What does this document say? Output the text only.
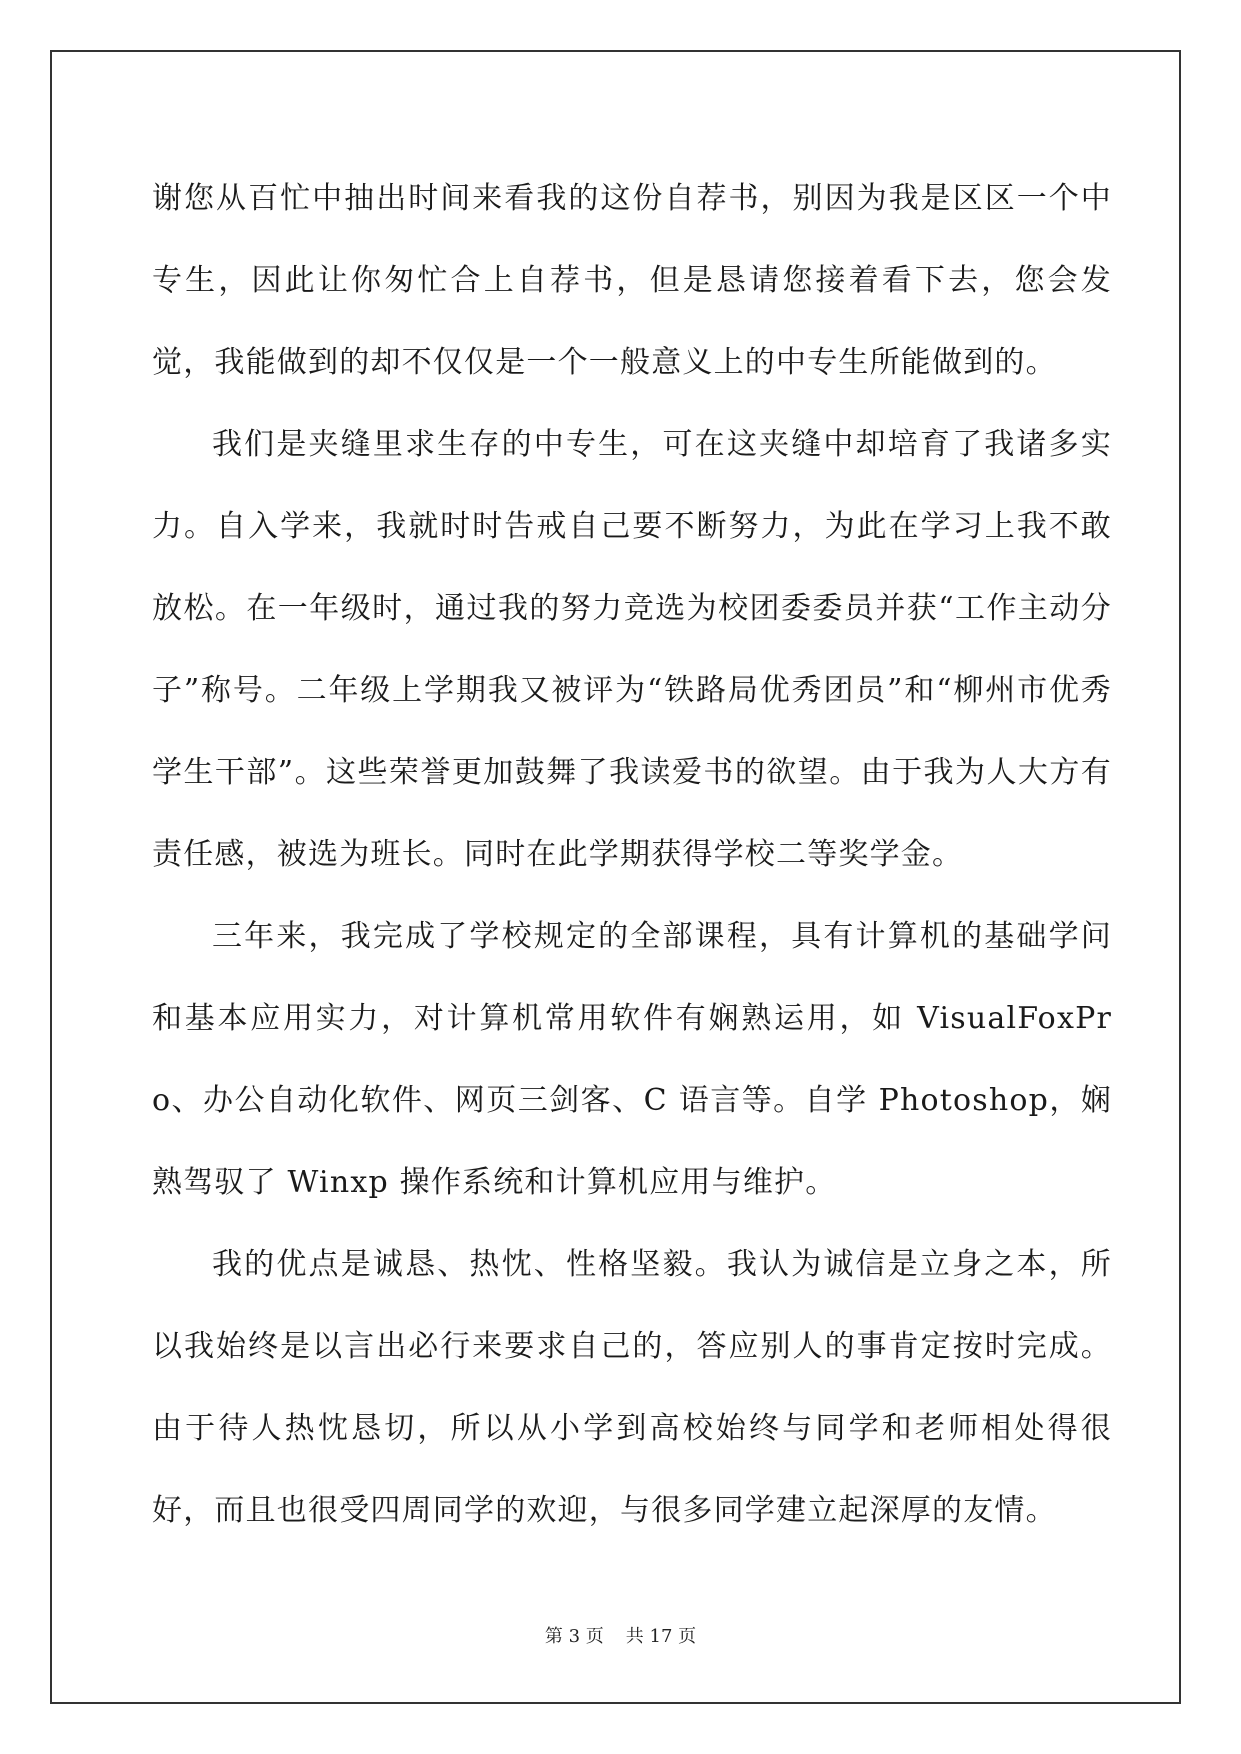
谢您从百忙中抽出时间来看我的这份自荐书，别因为我是区区一个中专生，因此让你匆忙合上自荐书，但是恳请您接着看下去，您会发觉，我能做到的却不仅仅是一个一般意义上的中专生所能做到的。

我们是夹缝里求生存的中专生，可在这夹缝中却培育了我诸多实力。自入学来，我就时时告戒自己要不断努力，为此在学习上我不敢放松。在一年级时，通过我的努力竞选为校团委委员并获“工作主动分子”称号。二年级上学期我又被评为“铁路局优秀团员”和“柳州市优秀学生干部”。这些荣誉更加鼓舞了我读爱书的欲望。由于我为人大方有责任感，被选为班长。同时在此学期获得学校二等奖学金。

三年来，我完成了学校规定的全部课程，具有计算机的基础学问和基本应用实力，对计算机常用软件有娴熟运用，如 VisualFoxPro、办公自动化软件、网页三剑客、C 语言等。自学 Photoshop，娴熟驾驭了 Winxp 操作系统和计算机应用与维护。

我的优点是诚恳、热忱、性格坚毅。我认为诚信是立身之本，所以我始终是以言出必行来要求自己的，答应别人的事肯定按时完成。由于待人热忱恳切，所以从小学到高校始终与同学和老师相处得很好，而且也很受四周同学的欢迎，与很多同学建立起深厚的友情。

第 3 页 共 17 页
